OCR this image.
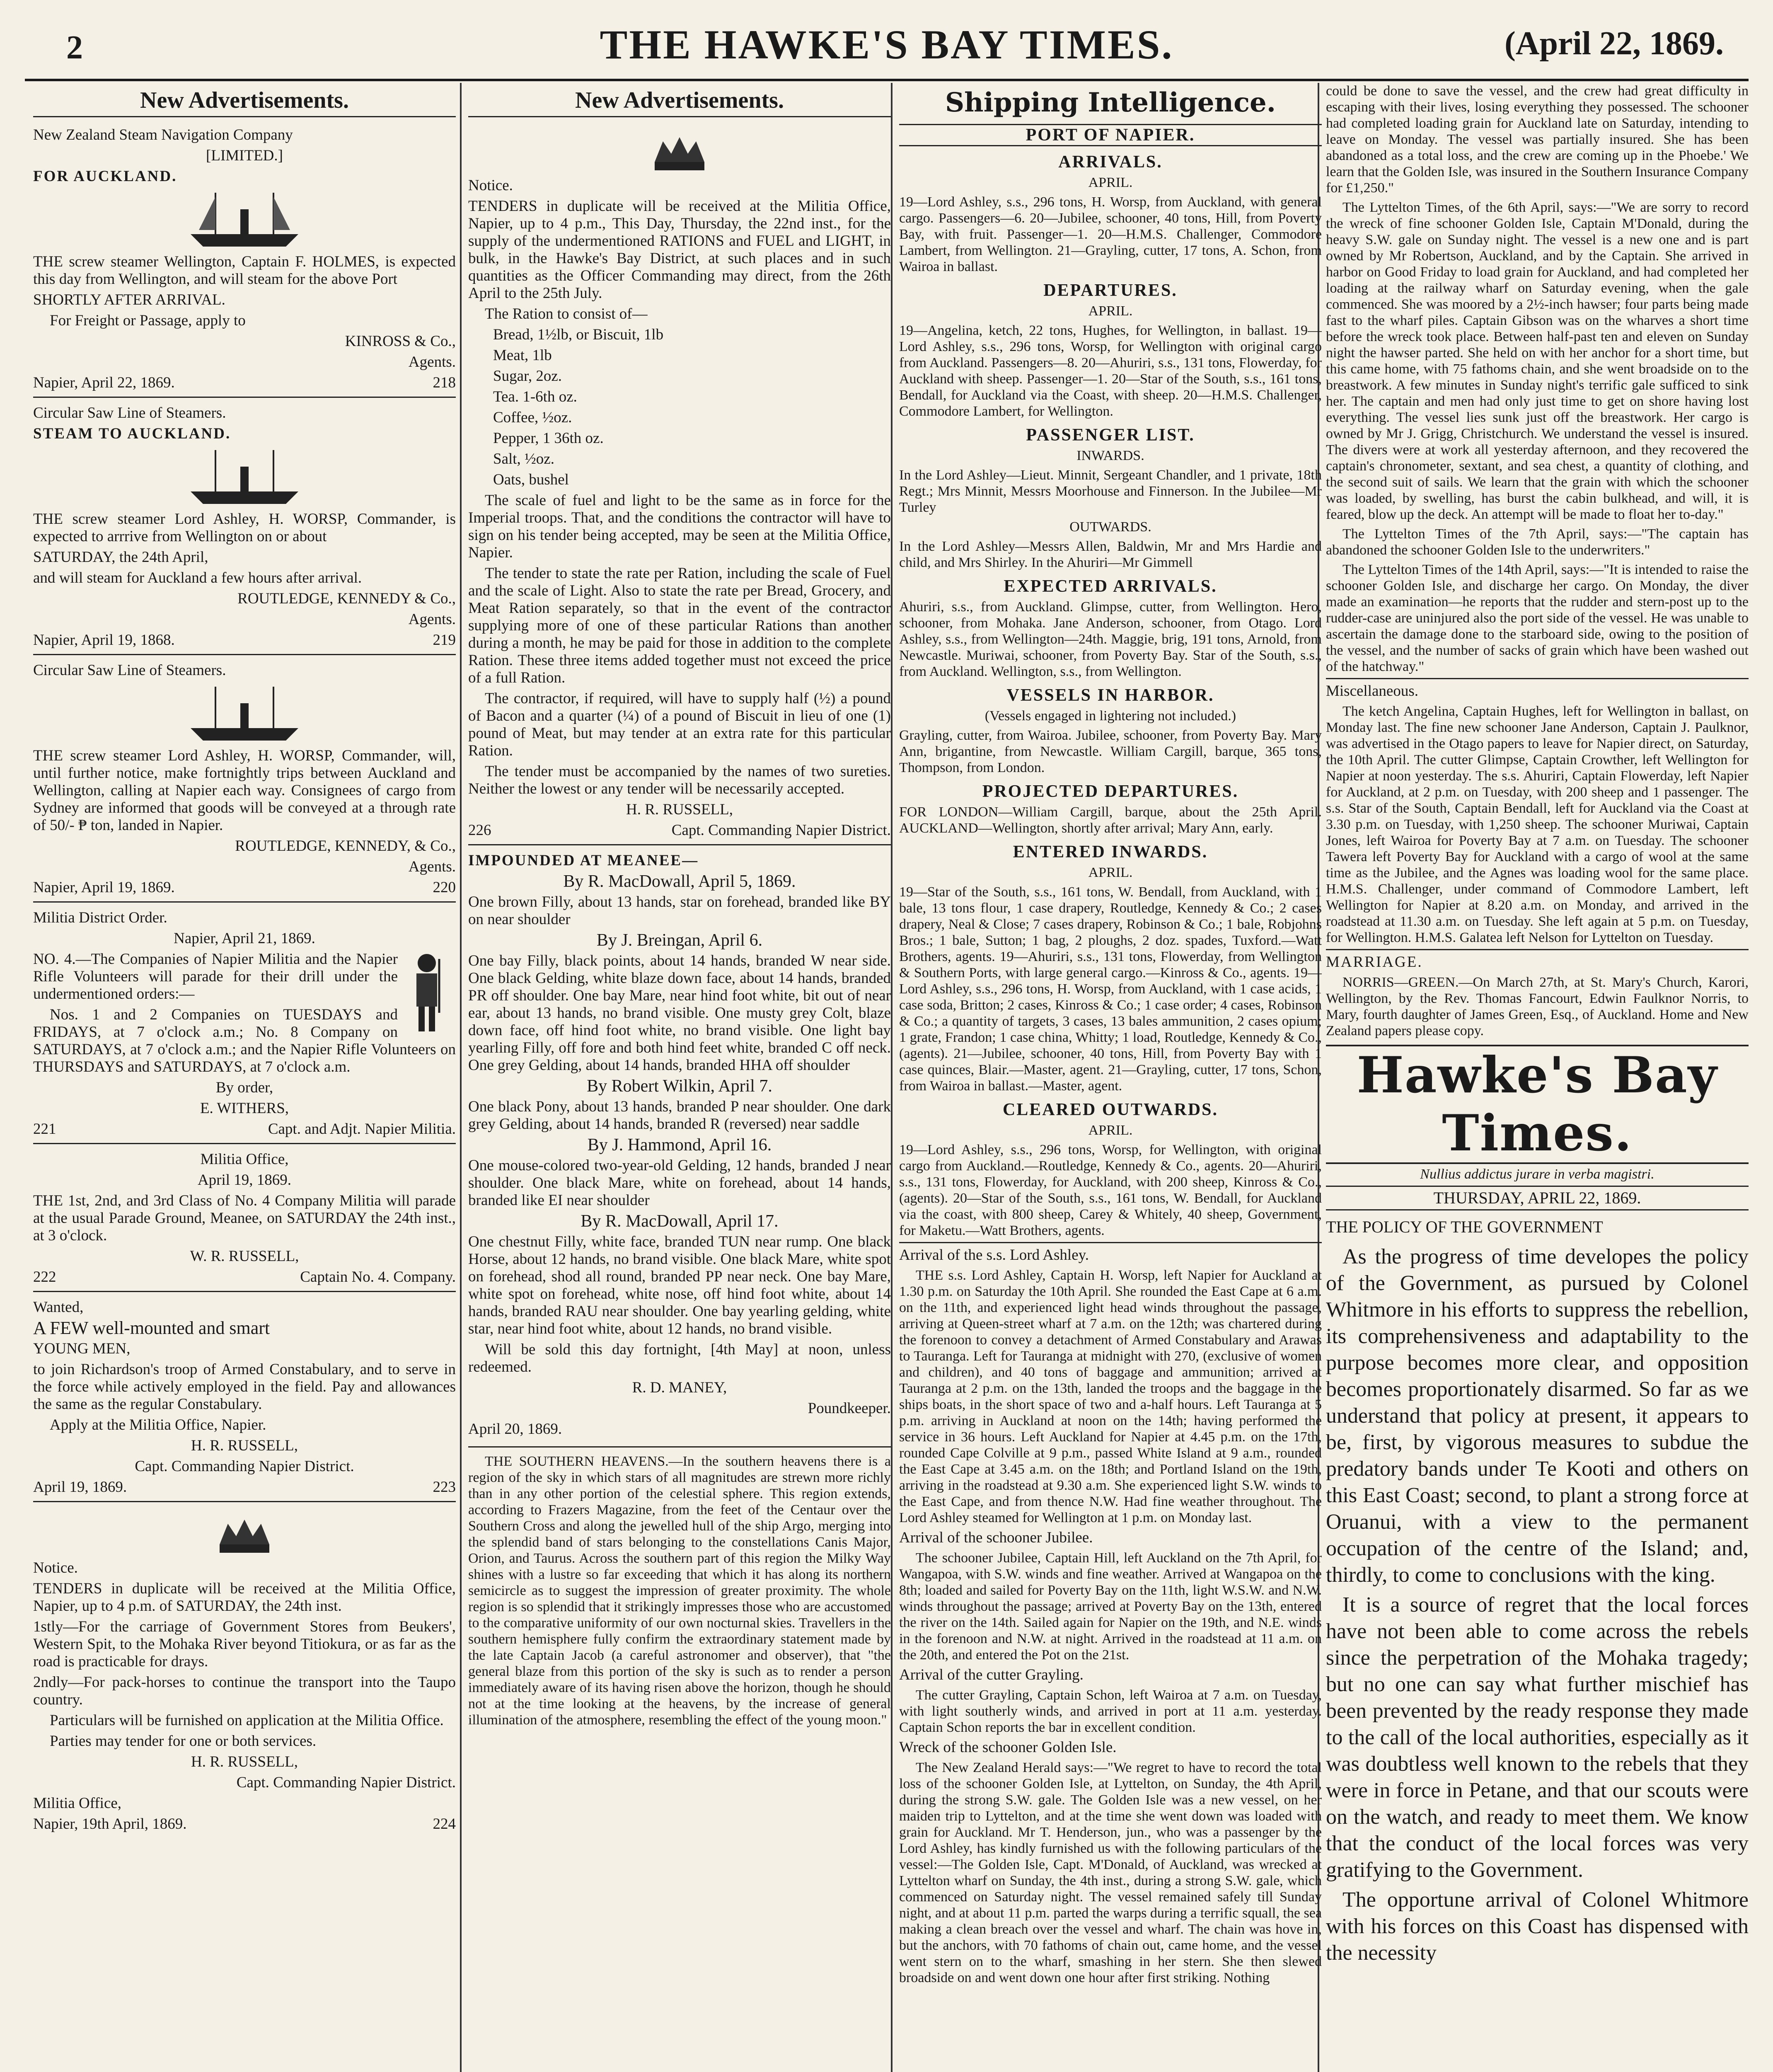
2	THE HAWKE'S BAY TIMES.	(April 22, 1869.
New Advertisements.

New Zealand Steam Navigation Company

[LIMITED.]

FOR AUCKLAND.

THE screw steamer Wellington, Captain F. HOLMES, is expected this day from Wellington, and will steam for the above Port

SHORTLY AFTER ARRIVAL.

For Freight or Passage, apply to

KINROSS & Co.,

Agents.

Napier, April 22, 1869.	218

Circular Saw Line of Steamers.

STEAM TO AUCKLAND.

THE screw steamer Lord Ashley, H. WORSP, Commander, is expected to arrrive from Wellington on or about

SATURDAY, the 24th April,

and will steam for Auckland a few hours after arrival.

ROUTLEDGE, KENNEDY & Co.,

Agents.

Napier, April 19, 1868.	219

Circular Saw Line of Steamers.

THE screw steamer Lord Ashley, H. WORSP, Commander, will, until further notice, make fortnightly trips between Auckland and Wellington, calling at Napier each way. Consignees of cargo from Sydney are informed that goods will be conveyed at a through rate of 50/- ₱ ton, landed in Napier.

ROUTLEDGE, KENNEDY, & Co.,

Agents.

Napier, April 19, 1869.	220

Militia District Order.

Napier, April 21, 1869.

NO. 4.—The Companies of Napier Militia and the Napier Rifle Volunteers will parade for their drill under the undermentioned orders:—

Nos. 1 and 2 Companies on TUESDAYS and FRIDAYS, at 7 o'clock a.m.; No. 8 Company on SATURDAYS, at 7 o'clock a.m.; and the Napier Rifle Volunteers on THURSDAYS and SATURDAYS, at 7 o'clock a.m.

By order,

E. WITHERS,

221	Capt. and Adjt. Napier Militia.

Militia Office,

April 19, 1869.

THE 1st, 2nd, and 3rd Class of No. 4 Company Militia will parade at the usual Parade Ground, Meanee, on SATURDAY the 24th inst., at 3 o'clock.

W. R. RUSSELL,

222	Captain No. 4. Company.

Wanted,

A FEW well-mounted and smart

YOUNG MEN,

to join Richardson's troop of Armed Constabulary, and to serve in the force while actively employed in the field. Pay and allowances the same as the regular Constabulary.

Apply at the Militia Office, Napier.

H. R. RUSSELL,

Capt. Commanding Napier District.

April 19, 1869.	223

Notice.

TENDERS in duplicate will be received at the Militia Office, Napier, up to 4 p.m. of SATURDAY, the 24th inst.

1stly—For the carriage of Government Stores from Beukers', Western Spit, to the Mohaka River beyond Titiokura, or as far as the road is practicable for drays.

2ndly—For pack-horses to continue the transport into the Taupo country.

Particulars will be furnished on application at the Militia Office.

Parties may tender for one or both services.

H. R. RUSSELL,

Capt. Commanding Napier District.

Militia Office,

Napier, 19th April, 1869.	224
New Advertisements.

Notice.

TENDERS in duplicate will be received at the Militia Office, Napier, up to 4 p.m., This Day, Thursday, the 22nd inst., for the supply of the undermentioned RATIONS and FUEL and LIGHT, in bulk, in the Hawke's Bay District, at such places and in such quantities as the Officer Commanding may direct, from the 26th April to the 25th July.

The Ration to consist of—

Bread, 1½lb, or Biscuit, 1lb

Meat, 1lb

Sugar, 2oz.

Tea. 1-6th oz.

Coffee, ½oz.

Pepper, 1 36th oz.

Salt, ½oz.

Oats, bushel

The scale of fuel and light to be the same as in force for the Imperial troops. That, and the conditions the contractor will have to sign on his tender being accepted, may be seen at the Militia Office, Napier.

The tender to state the rate per Ration, including the scale of Fuel and the scale of Light. Also to state the rate per Bread, Grocery, and Meat Ration separately, so that in the event of the contractor supplying more of one of these particular Rations than another during a month, he may be paid for those in addition to the complete Ration. These three items added together must not exceed the price of a full Ration.

The contractor, if required, will have to supply half (½) a pound of Bacon and a quarter (¼) of a pound of Biscuit in lieu of one (1) pound of Meat, but may tender at an extra rate for this particular Ration.

The tender must be accompanied by the names of two sureties. Neither the lowest or any tender will be necessarily accepted.

H. R. RUSSELL,

226	Capt. Commanding Napier District.

IMPOUNDED AT MEANEE—

By R. MacDowall, April 5, 1869.

One brown Filly, about 13 hands, star on forehead, branded like BY on near shoulder

By J. Breingan, April 6.

One bay Filly, black points, about 14 hands, branded W near side. One black Gelding, white blaze down face, about 14 hands, branded PR off shoulder. One bay Mare, near hind foot white, bit out of near ear, about 13 hands, no brand visible. One musty grey Colt, blaze down face, off hind foot white, no brand visible. One light bay yearling Filly, off fore and both hind feet white, branded C off neck. One grey Gelding, about 14 hands, branded HHA off shoulder

By Robert Wilkin, April 7.

One black Pony, about 13 hands, branded P near shoulder. One dark grey Gelding, about 14 hands, branded R (reversed) near saddle

By J. Hammond, April 16.

One mouse-colored two-year-old Gelding, 12 hands, branded J near shoulder. One black Mare, white on forehead, about 14 hands, branded like EI near shoulder

By R. MacDowall, April 17.

One chestnut Filly, white face, branded TUN near rump. One black Horse, about 12 hands, no brand visible. One black Mare, white spot on forehead, shod all round, branded PP near neck. One bay Mare, white spot on forehead, white nose, off hind foot white, about 14 hands, branded RAU near shoulder. One bay yearling gelding, white star, near hind foot white, about 12 hands, no brand visible.

Will be sold this day fortnight, [4th May] at noon, unless redeemed.

R. D. MANEY,

Poundkeeper.

April 20, 1869.

THE SOUTHERN HEAVENS.—In the southern heavens there is a region of the sky in which stars of all magnitudes are strewn more richly than in any other portion of the celestial sphere. This region extends, according to Frazers Magazine, from the feet of the Centaur over the Southern Cross and along the jewelled hull of the ship Argo, merging into the splendid band of stars belonging to the constellations Canis Major, Orion, and Taurus. Across the southern part of this region the Milky Way shines with a lustre so far exceeding that which it has along its northern semicircle as to suggest the impression of greater proximity. The whole region is so splendid that it strikingly impresses those who are accustomed to the comparative uniformity of our own nocturnal skies. Travellers in the southern hemisphere fully confirm the extraordinary statement made by the late Captain Jacob (a careful astronomer and observer), that "the general blaze from this portion of the sky is such as to render a person immediately aware of its having risen above the horizon, though he should not at the time looking at the heavens, by the increase of general illumination of the atmosphere, resembling the effect of the young moon."

Shipping Intelligence.
PORT OF NAPIER.
ARRIVALS.

APRIL.

19—Lord Ashley, s.s., 296 tons, H. Worsp, from Auckland, with general cargo. Passengers—6. 20—Jubilee, schooner, 40 tons, Hill, from Poverty Bay, with fruit. Passenger—1. 20—H.M.S. Challenger, Commodore Lambert, from Wellington. 21—Grayling, cutter, 17 tons, A. Schon, from Wairoa in ballast.

DEPARTURES.

APRIL.

19—Angelina, ketch, 22 tons, Hughes, for Wellington, in ballast. 19—Lord Ashley, s.s., 296 tons, Worsp, for Wellington with original cargo from Auckland. Passengers—8. 20—Ahuriri, s.s., 131 tons, Flowerday, for Auckland with sheep. Passenger—1. 20—Star of the South, s.s., 161 tons, Bendall, for Auckland via the Coast, with sheep. 20—H.M.S. Challenger, Commodore Lambert, for Wellington.

PASSENGER LIST.

INWARDS.

In the Lord Ashley—Lieut. Minnit, Sergeant Chandler, and 1 private, 18th Regt.; Mrs Minnit, Messrs Moorhouse and Finnerson. In the Jubilee—Mr Turley

OUTWARDS.

In the Lord Ashley—Messrs Allen, Baldwin, Mr and Mrs Hardie and child, and Mrs Shirley. In the Ahuriri—Mr Gimmell

EXPECTED ARRIVALS.

Ahuriri, s.s., from Auckland. Glimpse, cutter, from Wellington. Hero, schooner, from Mohaka. Jane Anderson, schooner, from Otago. Lord Ashley, s.s., from Wellington—24th. Maggie, brig, 191 tons, Arnold, from Newcastle. Muriwai, schooner, from Poverty Bay. Star of the South, s.s., from Auckland. Wellington, s.s., from Wellington.

VESSELS IN HARBOR.

(Vessels engaged in lightering not included.)

Grayling, cutter, from Wairoa. Jubilee, schooner, from Poverty Bay. Mary Ann, brigantine, from Newcastle. William Cargill, barque, 365 tons, Thompson, from London.

PROJECTED DEPARTURES.

FOR LONDON—William Cargill, barque, about the 25th April. AUCKLAND—Wellington, shortly after arrival; Mary Ann, early.

ENTERED INWARDS.

APRIL.

19—Star of the South, s.s., 161 tons, W. Bendall, from Auckland, with 1 bale, 13 tons flour, 1 case drapery, Routledge, Kennedy & Co.; 2 cases drapery, Neal & Close; 7 cases drapery, Robinson & Co.; 1 bale, Robjohns Bros.; 1 bale, Sutton; 1 bag, 2 ploughs, 2 doz. spades, Tuxford.—Watt Brothers, agents. 19—Ahuriri, s.s., 131 tons, Flowerday, from Wellington & Southern Ports, with large general cargo.—Kinross & Co., agents. 19—Lord Ashley, s.s., 296 tons, H. Worsp, from Auckland, with 1 case acids, 1 case soda, Britton; 2 cases, Kinross & Co.; 1 case order; 4 cases, Robinson & Co.; a quantity of targets, 3 cases, 13 bales ammunition, 2 cases opium; 1 grate, Frandon; 1 case china, Whitty; 1 load, Routledge, Kennedy & Co., (agents). 21—Jubilee, schooner, 40 tons, Hill, from Poverty Bay with 1 case quinces, Blair.—Master, agent. 21—Grayling, cutter, 17 tons, Schon, from Wairoa in ballast.—Master, agent.

CLEARED OUTWARDS.

APRIL.

19—Lord Ashley, s.s., 296 tons, Worsp, for Wellington, with original cargo from Auckland.—Routledge, Kennedy & Co., agents. 20—Ahuriri, s.s., 131 tons, Flowerday, for Auckland, with 200 sheep, Kinross & Co., (agents). 20—Star of the South, s.s., 161 tons, W. Bendall, for Auckland via the coast, with 800 sheep, Carey & Whitely, 40 sheep, Government, for Maketu.—Watt Brothers, agents.

Arrival of the s.s. Lord Ashley.

THE s.s. Lord Ashley, Captain H. Worsp, left Napier for Auckland at 1.30 p.m. on Saturday the 10th April. She rounded the East Cape at 6 a.m. on the 11th, and experienced light head winds throughout the passage, arriving at Queen-street wharf at 7 a.m. on the 12th; was chartered during the forenoon to convey a detachment of Armed Constabulary and Arawas to Tauranga. Left for Tauranga at midnight with 270, (exclusive of women and children), and 40 tons of baggage and ammunition; arrived at Tauranga at 2 p.m. on the 13th, landed the troops and the baggage in the ships boats, in the short space of two and a-half hours. Left Tauranga at 5 p.m. arriving in Auckland at noon on the 14th; having performed the service in 36 hours. Left Auckland for Napier at 4.45 p.m. on the 17th, rounded Cape Colville at 9 p.m., passed White Island at 9 a.m., rounded the East Cape at 3.45 a.m. on the 18th; and Portland Island on the 19th, arriving in the roadstead at 9.30 a.m. She experienced light S.W. winds to the East Cape, and from thence N.W. Had fine weather throughout. The Lord Ashley steamed for Wellington at 1 p.m. on Monday last.

Arrival of the schooner Jubilee.

The schooner Jubilee, Captain Hill, left Auckland on the 7th April, for Wangapoa, with S.W. winds and fine weather. Arrived at Wangapoa on the 8th; loaded and sailed for Poverty Bay on the 11th, light W.S.W. and N.W. winds throughout the passage; arrived at Poverty Bay on the 13th, entered the river on the 14th. Sailed again for Napier on the 19th, and N.E. winds in the forenoon and N.W. at night. Arrived in the roadstead at 11 a.m. on the 20th, and entered the Pot on the 21st.

Arrival of the cutter Grayling.

The cutter Grayling, Captain Schon, left Wairoa at 7 a.m. on Tuesday, with light southerly winds, and arrived in port at 11 a.m. yesterday. Captain Schon reports the bar in excellent condition.

Wreck of the schooner Golden Isle.

The New Zealand Herald says:—"We regret to have to record the total loss of the schooner Golden Isle, at Lyttelton, on Sunday, the 4th April, during the strong S.W. gale. The Golden Isle was a new vessel, on her maiden trip to Lyttelton, and at the time she went down was loaded with grain for Auckland. Mr T. Henderson, jun., who was a passenger by the Lord Ashley, has kindly furnished us with the following particulars of the vessel:—The Golden Isle, Capt. M'Donald, of Auckland, was wrecked at Lyttelton wharf on Sunday, the 4th inst., during a strong S.W. gale, which commenced on Saturday night. The vessel remained safely till Sunday night, and at about 11 p.m. parted the warps during a terrific squall, the sea making a clean breach over the vessel and wharf. The chain was hove in, but the anchors, with 70 fathoms of chain out, came home, and the vessel went stern on to the wharf, smashing in her stern. She then slewed broadside on and went down one hour after first striking. Nothing

could be done to save the vessel, and the crew had great difficulty in escaping with their lives, losing everything they possessed. The schooner had completed loading grain for Auckland late on Saturday, intending to leave on Monday. The vessel was partially insured. She has been abandoned as a total loss, and the crew are coming up in the Phoebe.' We learn that the Golden Isle, was insured in the Southern Insurance Company for £1,250."

The Lyttelton Times, of the 6th April, says:—"We are sorry to record the wreck of fine schooner Golden Isle, Captain M'Donald, during the heavy S.W. gale on Sunday night. The vessel is a new one and is part owned by Mr Robertson, Auckland, and by the Captain. She arrived in harbor on Good Friday to load grain for Auckland, and had completed her loading at the railway wharf on Saturday evening, when the gale commenced. She was moored by a 2½-inch hawser; four parts being made fast to the wharf piles. Captain Gibson was on the wharves a short time before the wreck took place. Between half-past ten and eleven on Sunday night the hawser parted. She held on with her anchor for a short time, but this came home, with 75 fathoms chain, and she went broadside on to the breastwork. A few minutes in Sunday night's terrific gale sufficed to sink her. The captain and men had only just time to get on shore having lost everything. The vessel lies sunk just off the breastwork. Her cargo is owned by Mr J. Grigg, Christchurch. We understand the vessel is insured. The divers were at work all yesterday afternoon, and they recovered the captain's chronometer, sextant, and sea chest, a quantity of clothing, and the second suit of sails. We learn that the grain with which the schooner was loaded, by swelling, has burst the cabin bulkhead, and will, it is feared, blow up the deck. An attempt will be made to float her to-day."

The Lyttelton Times of the 7th April, says:—"The captain has abandoned the schooner Golden Isle to the underwriters."

The Lyttelton Times of the 14th April, says:—"It is intended to raise the schooner Golden Isle, and discharge her cargo. On Monday, the diver made an examination—he reports that the rudder and stern-post up to the rudder-case are uninjured also the port side of the vessel. He was unable to ascertain the damage done to the starboard side, owing to the position of the vessel, and the number of sacks of grain which have been washed out of the hatchway."

Miscellaneous.

The ketch Angelina, Captain Hughes, left for Wellington in ballast, on Monday last. The fine new schooner Jane Anderson, Captain J. Paulknor, was advertised in the Otago papers to leave for Napier direct, on Saturday, the 10th April. The cutter Glimpse, Captain Crowther, left Wellington for Napier at noon yesterday. The s.s. Ahuriri, Captain Flowerday, left Napier for Auckland, at 2 p.m. on Tuesday, with 200 sheep and 1 passenger. The s.s. Star of the South, Captain Bendall, left for Auckland via the Coast at 3.30 p.m. on Tuesday, with 1,250 sheep. The schooner Muriwai, Captain Jones, left Wairoa for Poverty Bay at 7 a.m. on Tuesday. The schooner Tawera left Poverty Bay for Auckland with a cargo of wool at the same time as the Jubilee, and the Agnes was loading wool for the same place. H.M.S. Challenger, under command of Commodore Lambert, left Wellington for Napier at 8.20 a.m. on Monday, and arrived in the roadstead at 11.30 a.m. on Tuesday. She left again at 5 p.m. on Tuesday, for Wellington. H.M.S. Galatea left Nelson for Lyttelton on Tuesday.

MARRIAGE.

NORRIS—GREEN.—On March 27th, at St. Mary's Church, Karori, Wellington, by the Rev. Thomas Fancourt, Edwin Faulknor Norris, to Mary, fourth daughter of James Green, Esq., of Auckland. Home and New Zealand papers please copy.

Hawke's Bay Times.
Nullius addictus jurare in verba magistri.

THURSDAY, APRIL 22, 1869.

THE POLICY OF THE GOVERNMENT

As the progress of time developes the policy of the Government, as pursued by Colonel Whitmore in his efforts to suppress the rebellion, its comprehensiveness and adaptability to the purpose becomes more clear, and opposition becomes proportionately disarmed. So far as we understand that policy at present, it appears to be, first, by vigorous measures to subdue the predatory bands under Te Kooti and others on this East Coast; second, to plant a strong force at Oruanui, with a view to the permanent occupation of the centre of the Island; and, thirdly, to come to conclusions with the king.

It is a source of regret that the local forces have not been able to come across the rebels since the perpetration of the Mohaka tragedy; but no one can say what further mischief has been prevented by the ready response they made to the call of the local authorities, especially as it was doubtless well known to the rebels that they were in force in Petane, and that our scouts were on the watch, and ready to meet them. We know that the conduct of the local forces was very gratifying to the Government.

The opportune arrival of Colonel Whitmore with his forces on this Coast has dispensed with the necessity
